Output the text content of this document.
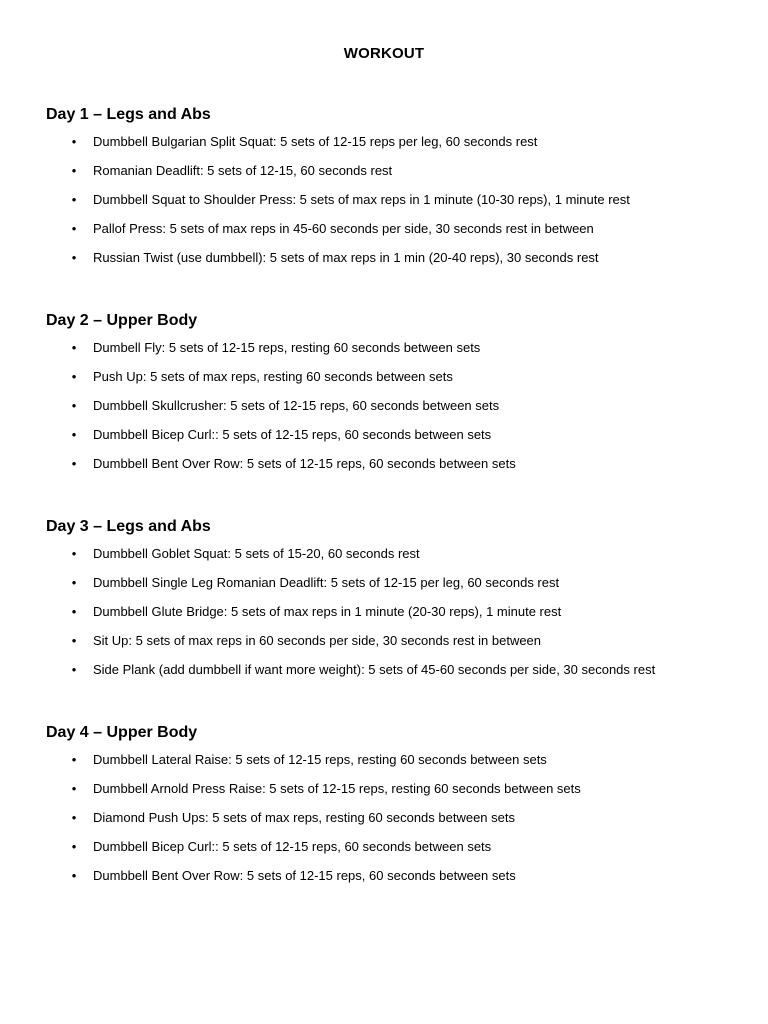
WORKOUT
Day 1 – Legs and Abs
• Dumbbell Bulgarian Split Squat: 5 sets of 12-15 reps per leg, 60 seconds rest
• Romanian Deadlift: 5 sets of 12-15, 60 seconds rest
• Dumbbell Squat to Shoulder Press: 5 sets of max reps in 1 minute (10-30 reps), 1 minute rest
• Pallof Press: 5 sets of max reps in 45-60 seconds per side, 30 seconds rest in between
• Russian Twist (use dumbbell): 5 sets of max reps in 1 min (20-40 reps), 30 seconds rest
Day 2 – Upper Body
• Dumbell Fly: 5 sets of 12-15 reps, resting 60 seconds between sets
• Push Up: 5 sets of max reps, resting 60 seconds between sets
• Dumbbell Skullcrusher: 5 sets of 12-15 reps, 60 seconds between sets
• Dumbbell Bicep Curl:: 5 sets of 12-15 reps, 60 seconds between sets
• Dumbbell Bent Over Row: 5 sets of 12-15 reps, 60 seconds between sets
Day 3 – Legs and Abs
• Dumbbell Goblet Squat: 5 sets of 15-20, 60 seconds rest
• Dumbbell Single Leg Romanian Deadlift: 5 sets of 12-15 per leg, 60 seconds rest
• Dumbbell Glute Bridge: 5 sets of max reps in 1 minute (20-30 reps), 1 minute rest
• Sit Up: 5 sets of max reps in 60 seconds per side, 30 seconds rest in between
• Side Plank (add dumbbell if want more weight): 5 sets of 45-60 seconds per side, 30 seconds rest
Day 4 – Upper Body
• Dumbbell Lateral Raise: 5 sets of 12-15 reps, resting 60 seconds between sets
• Dumbbell Arnold Press Raise: 5 sets of 12-15 reps, resting 60 seconds between sets
• Diamond Push Ups: 5 sets of max reps, resting 60 seconds between sets
• Dumbbell Bicep Curl:: 5 sets of 12-15 reps, 60 seconds between sets
• Dumbbell Bent Over Row: 5 sets of 12-15 reps, 60 seconds between sets
